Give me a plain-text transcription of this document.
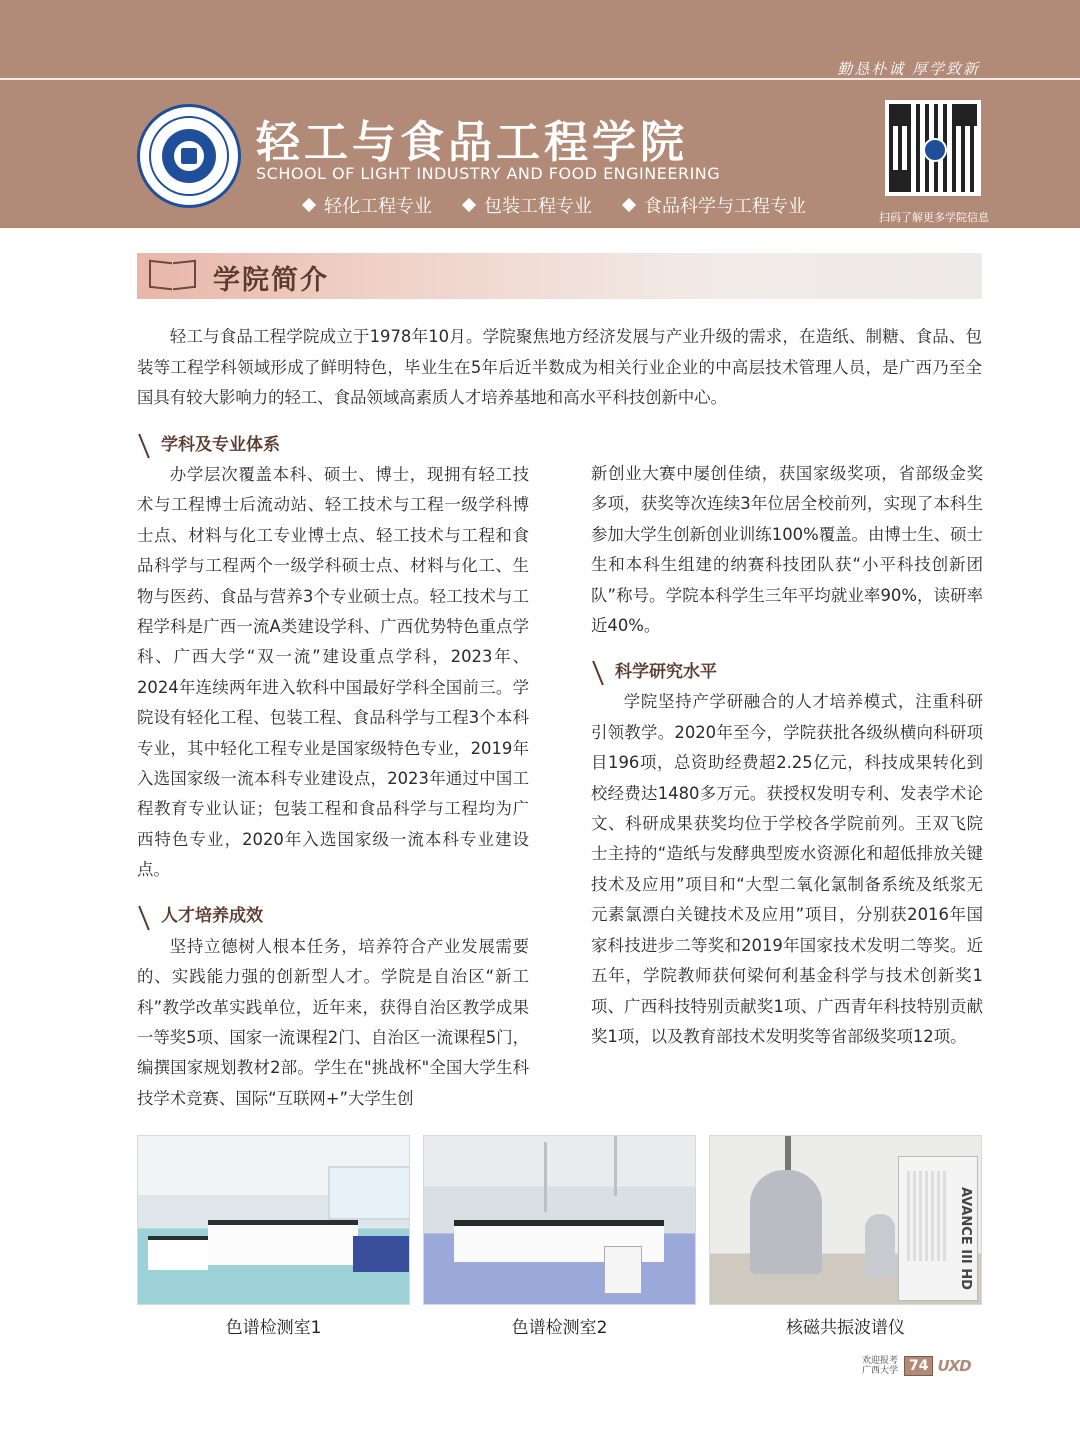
勤恳朴诚 厚学致新
轻工与食品工程学院
SCHOOL OF LIGHT INDUSTRY AND FOOD ENGINEERING
轻化工程专业	包装工程专业	食品科学与工程专业
扫码了解更多学院信息
学院简介
轻工与食品工程学院成立于1978年10月。学院聚焦地方经济发展与产业升级的需求，在造纸、制糖、食品、包装等工程学科领域形成了鲜明特色，毕业生在5年后近半数成为相关行业企业的中高层技术管理人员，是广西乃至全国具有较大影响力的轻工、食品领域高素质人才培养基地和高水平科技创新中心。
学科及专业体系

办学层次覆盖本科、硕士、博士，现拥有轻工技术与工程博士后流动站、轻工技术与工程一级学科博士点、材料与化工专业博士点、轻工技术与工程和食品科学与工程两个一级学科硕士点、材料与化工、生物与医药、食品与营养3个专业硕士点。轻工技术与工程学科是广西一流A类建设学科、广西优势特色重点学科、广西大学“双一流”建设重点学科，2023年、2024年连续两年进入软科中国最好学科全国前三。学院设有轻化工程、包装工程、食品科学与工程3个本科专业，其中轻化工程专业是国家级特色专业，2019年入选国家级一流本科专业建设点，2023年通过中国工程教育专业认证；包装工程和食品科学与工程均为广西特色专业，2020年入选国家级一流本科专业建设点。

人才培养成效

坚持立德树人根本任务，培养符合产业发展需要的、实践能力强的创新型人才。学院是自治区“新工科”教学改革实践单位，近年来，获得自治区教学成果一等奖5项、国家一流课程2门、自治区一流课程5门，编撰国家规划教材2部。学生在"挑战杯"全国大学生科技学术竞赛、国际“互联网+”大学生创

新创业大赛中屡创佳绩，获国家级奖项，省部级金奖多项，获奖等次连续3年位居全校前列，实现了本科生参加大学生创新创业训练100%覆盖。由博士生、硕士生和本科生组建的纳赛科技团队获“小平科技创新团队”称号。学院本科学生三年平均就业率90%，读研率近40%。

科学研究水平

学院坚持产学研融合的人才培养模式，注重科研引领教学。2020年至今，学院获批各级纵横向科研项目196项，总资助经费超2.25亿元，科技成果转化到校经费达1480多万元。获授权发明专利、发表学术论文、科研成果获奖均位于学校各学院前列。王双飞院士主持的“造纸与发酵典型废水资源化和超低排放关键技术及应用”项目和“大型二氧化氯制备系统及纸浆无元素氯漂白关键技术及应用”项目，分别获2016年国家科技进步二等奖和2019年国家技术发明二等奖。近五年，学院教师获何梁何利基金科学与技术创新奖1项、广西科技特别贡献奖1项、广西青年科技特别贡献奖1项，以及教育部技术发明奖等省部级奖项12项。

AVANCE III HD
色谱检测室1	色谱检测室2	核磁共振波谱仪
欢迎报考
广西大学 74 UXD
